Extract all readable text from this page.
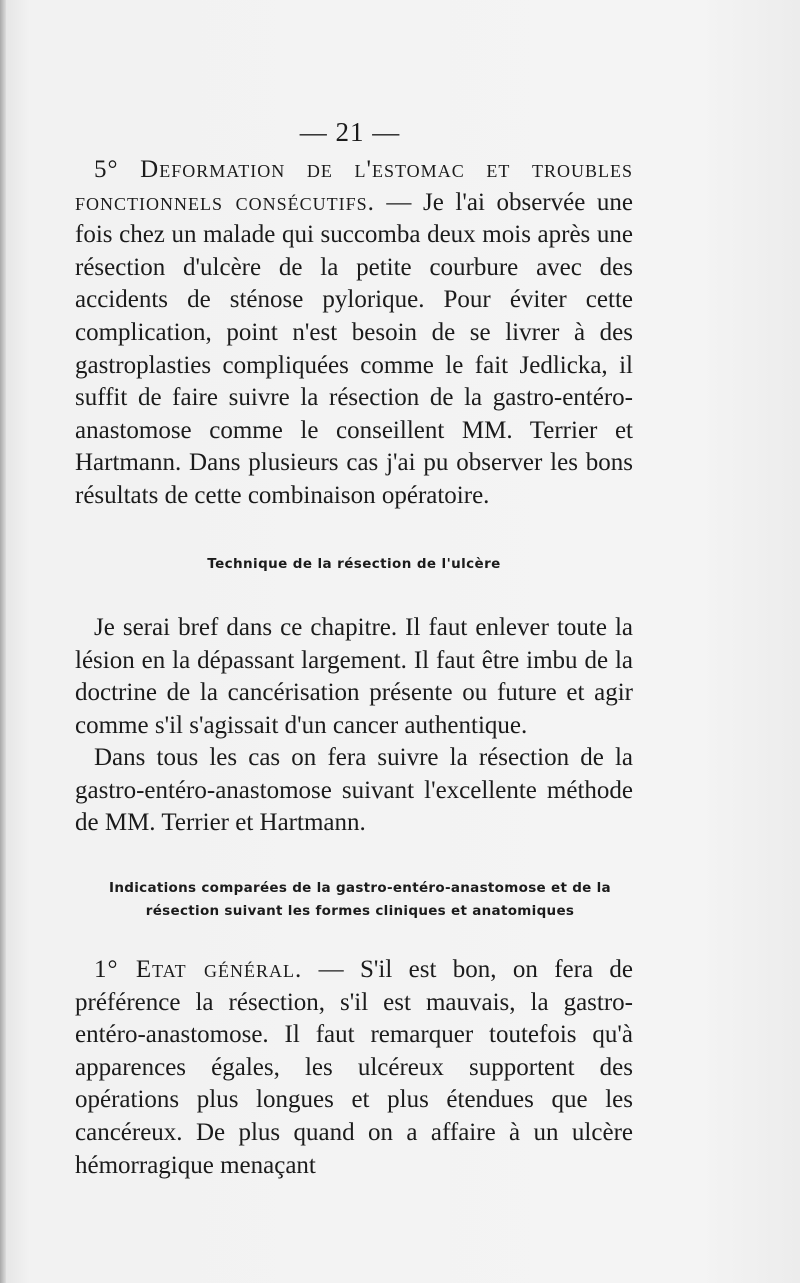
— 21 —

5° Deformation de l'estomac et troubles fonctionnels consécutifs. — Je l'ai observée une fois chez un malade qui succomba deux mois après une résection d'ulcère de la petite courbure avec des accidents de sténose pylorique. Pour éviter cette complication, point n'est besoin de se livrer à des gastroplasties compliquées comme le fait Jedlicka, il suffit de faire suivre la résection de la gastro-entéro-anastomose comme le conseillent MM. Terrier et Hartmann. Dans plusieurs cas j'ai pu observer les bons résultats de cette combinaison opératoire.

Technique de la résection de l'ulcère

Je serai bref dans ce chapitre. Il faut enlever toute la lésion en la dépassant largement. Il faut être imbu de la doctrine de la cancérisation présente ou future et agir comme s'il s'agissait d'un cancer authentique.

Dans tous les cas on fera suivre la résection de la gastro-entéro-anastomose suivant l'excellente méthode de MM. Terrier et Hartmann.

Indications comparées de la gastro-entéro-anastomose et de la résection suivant les formes cliniques et anatomiques

1° Etat général. — S'il est bon, on fera de préférence la résection, s'il est mauvais, la gastro-entéro-anastomose. Il faut remarquer toutefois qu'à apparences égales, les ulcéreux supportent des opérations plus longues et plus étendues que les cancéreux. De plus quand on a affaire à un ulcère hémorragique menaçant
